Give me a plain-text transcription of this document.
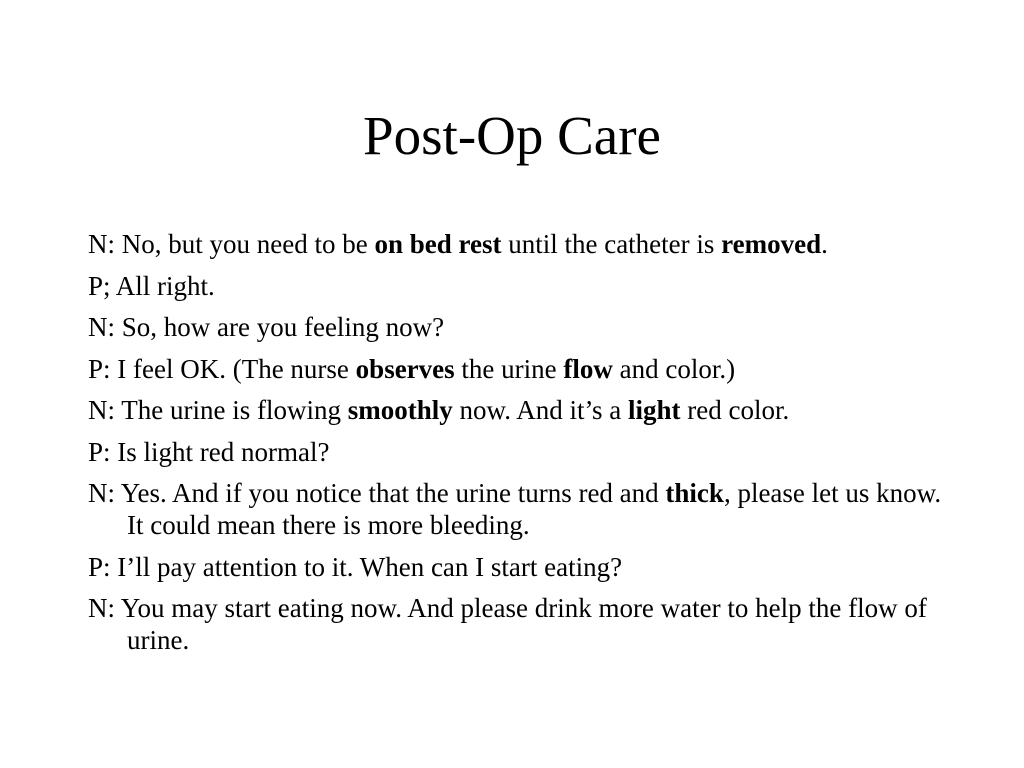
Post-Op Care
N: No, but you need to be on bed rest until the catheter is removed.
P; All right.
N: So, how are you feeling now?
P: I feel OK. (The nurse observes the urine flow and color.)
N: The urine is flowing smoothly now. And it’s a light red color.
P: Is light red normal?
N: Yes. And if you notice that the urine turns red and thick, please let us know. It could mean there is more bleeding.
P: I’ll pay attention to it. When can I start eating?
N: You may start eating now. And please drink more water to help the flow of urine.
